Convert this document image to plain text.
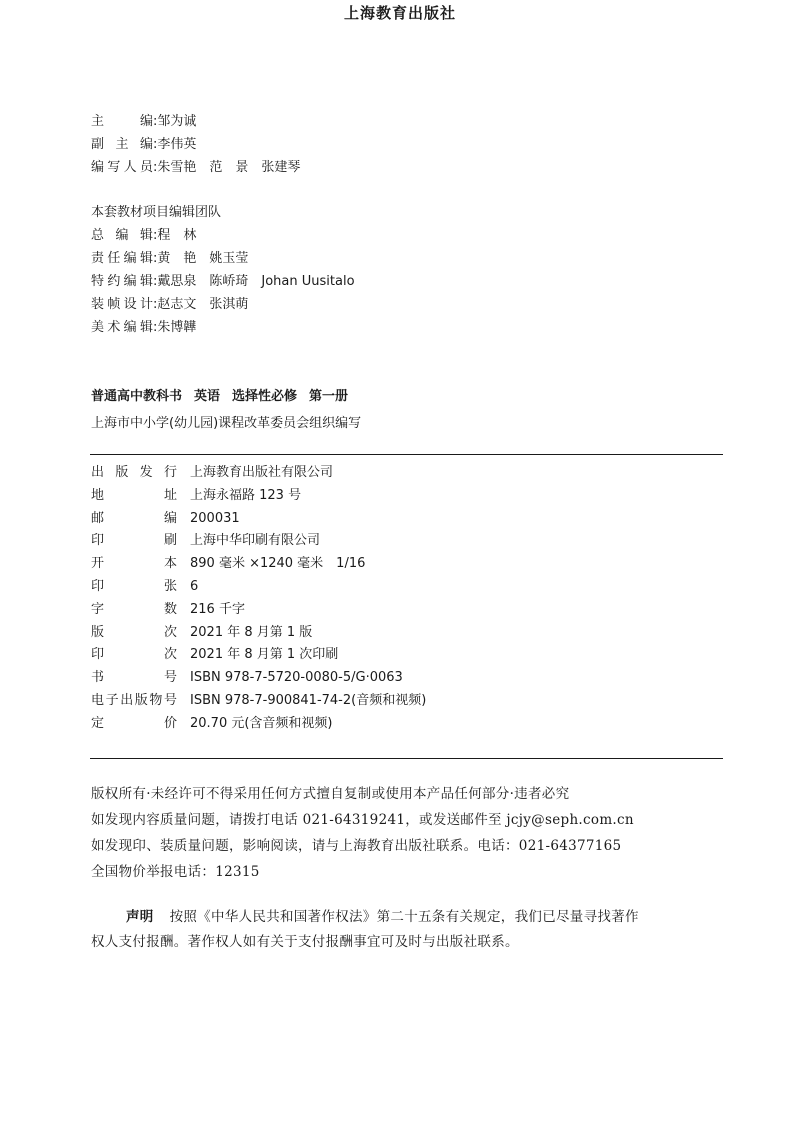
上海教育出版社
主 编 : 邹为诚
副 主 编 : 李伟英
编写人员 : 朱雪艳　范　景　张建琴
本套教材项目编辑团队
总 编 辑 : 程　林
责任编辑 : 黄　艳　姚玉莹
特约编辑 : 戴思泉　陈峤琦　Johan Uusitalo
装帧设计 : 赵志文　张淇萌
美术编辑 : 朱博韡
普通高中教科书 英语 选择性必修 第一册
上海市中小学(幼儿园)课程改革委员会组织编写
出版发行 上海教育出版社有限公司
地 址 上海永福路 123 号
邮 编 200031
印 刷 上海中华印刷有限公司
开 本 890 毫米 ×1240 毫米　1/16
印 张 6
字 数 216 千字
版 次 2021 年 8 月第 1 版
印 次 2021 年 8 月第 1 次印刷
书 号 ISBN 978-7-5720-0080-5/G·0063
电子出版物号 ISBN 978-7-900841-74-2(音频和视频)
定 价 20.70 元(含音频和视频)
版权所有·未经许可不得采用任何方式擅自复制或使用本产品任何部分·违者必究
如发现内容质量问题，请拨打电话 021-64319241，或发送邮件至 jcjy@seph.com.cn
如发现印、装质量问题，影响阅读，请与上海教育出版社联系。电话：021-64377165
全国物价举报电话：12315
声明 按照《中华人民共和国著作权法》第二十五条有关规定，我们已尽量寻找著作
权人支付报酬。著作权人如有关于支付报酬事宜可及时与出版社联系。
